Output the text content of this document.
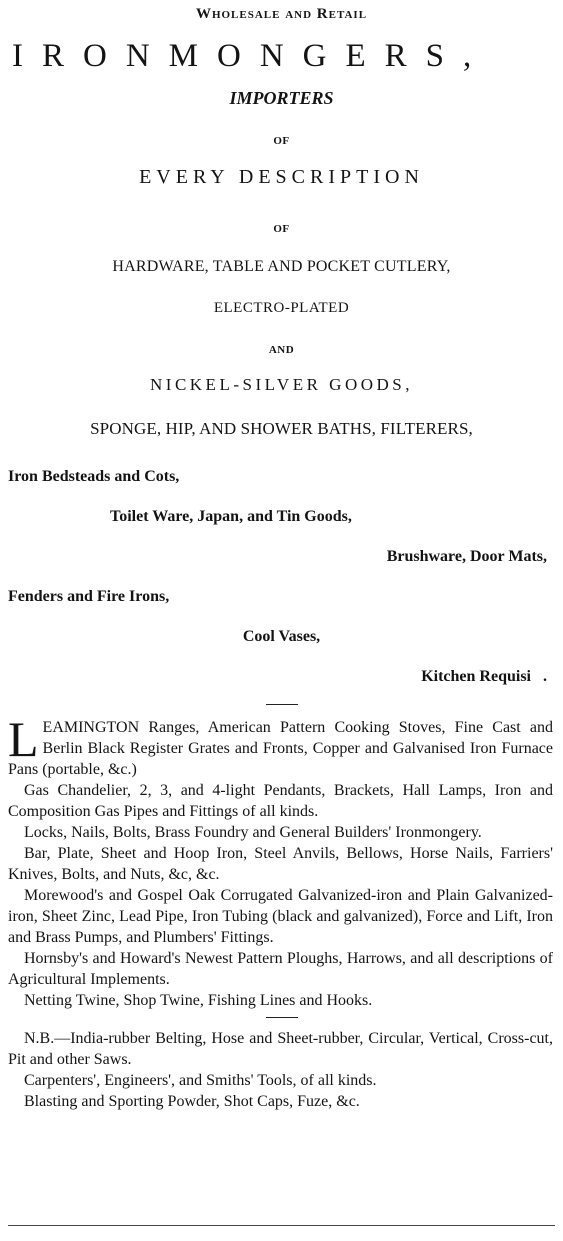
Wholesale and Retail

IRONMONGERS,

IMPORTERS

OF

EVERY DESCRIPTION

OF

HARDWARE, TABLE AND POCKET CUTLERY,

ELECTRO-PLATED

AND

NICKEL-SILVER GOODS,

SPONGE, HIP, AND SHOWER BATHS, FILTERERS,

Iron Bedsteads and Cots,

Toilet Ware, Japan, and Tin Goods,

Brushware, Door Mats,

Fenders and Fire Irons,

Cool Vases,

Kitchen Requisi   .

LEAMINGTON Ranges, American Pattern Cooking Stoves, Fine Cast and Berlin Black Register Grates and Fronts, Copper and Galvanised Iron Furnace Pans (portable, &c.)

Gas Chandelier, 2, 3, and 4-light Pendants, Brackets, Hall Lamps, Iron and Composition Gas Pipes and Fittings of all kinds.

Locks, Nails, Bolts, Brass Foundry and General Builders' Ironmongery.

Bar, Plate, Sheet and Hoop Iron, Steel Anvils, Bellows, Horse Nails, Farriers' Knives, Bolts, and Nuts, &c, &c.

Morewood's and Gospel Oak Corrugated Galvanized-iron and Plain Galvanized-iron, Sheet Zinc, Lead Pipe, Iron Tubing (black and galvanized), Force and Lift, Iron and Brass Pumps, and Plumbers' Fittings.

Hornsby's and Howard's Newest Pattern Ploughs, Harrows, and all descriptions of Agricultural Implements.

Netting Twine, Shop Twine, Fishing Lines and Hooks.

N.B.—India-rubber Belting, Hose and Sheet-rubber, Circular, Vertical, Cross-cut, Pit and other Saws.

Carpenters', Engineers', and Smiths' Tools, of all kinds.

Blasting and Sporting Powder, Shot Caps, Fuze, &c.
